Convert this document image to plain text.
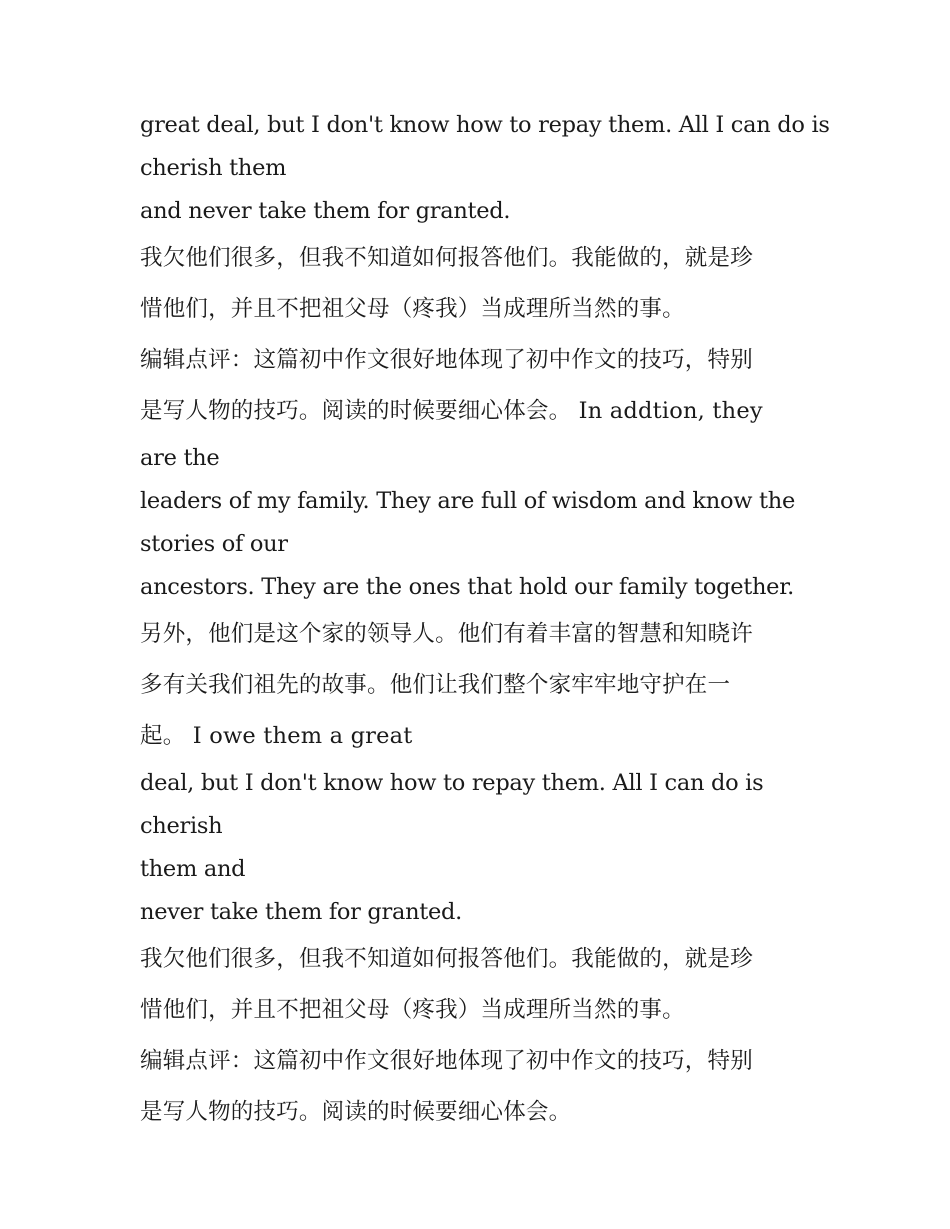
great deal, but I don't know how to repay them. All I can do is

cherish them

and never take them for granted.

我欠他们很多，但我不知道如何报答他们。我能做的，就是珍

惜他们，并且不把祖父母（疼我）当成理所当然的事。

编辑点评：这篇初中作文很好地体现了初中作文的技巧，特别

是写人物的技巧。阅读的时候要细心体会。 In addtion, they

are the

leaders of my family. They are full of wisdom and know the

stories of our

ancestors. They are the ones that hold our family together.

另外，他们是这个家的领导人。他们有着丰富的智慧和知晓许

多有关我们祖先的故事。他们让我们整个家牢牢地守护在一

起。 I owe them a great

deal, but I don't know how to repay them. All I can do is cherish

them and

never take them for granted.

我欠他们很多，但我不知道如何报答他们。我能做的，就是珍

惜他们，并且不把祖父母（疼我）当成理所当然的事。

编辑点评：这篇初中作文很好地体现了初中作文的技巧，特别

是写人物的技巧。阅读的时候要细心体会。
